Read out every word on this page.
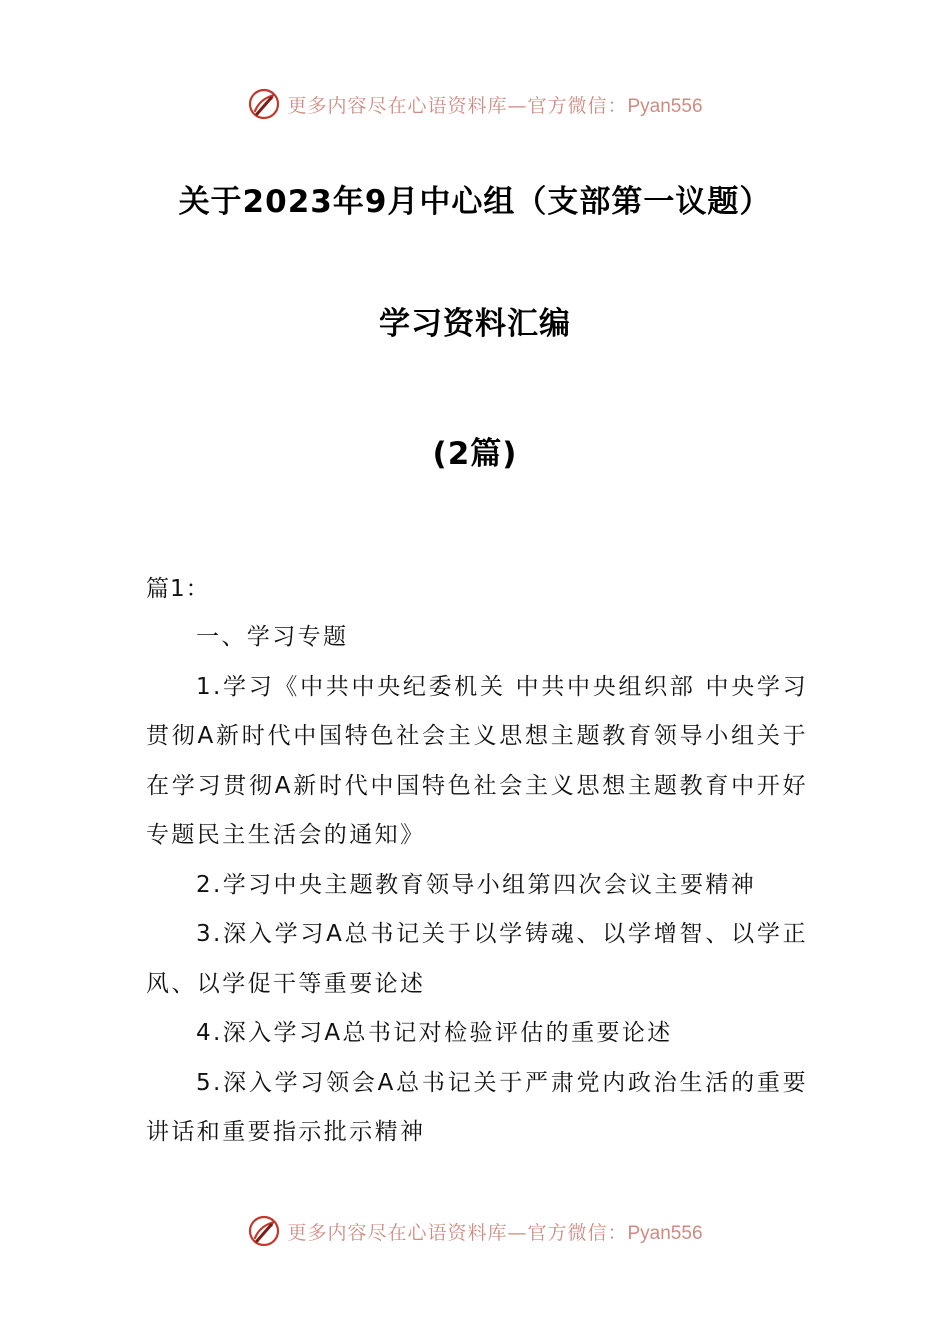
更多内容尽在心语资料库—官方微信：Pyan556
关于2023年9月中心组（支部第一议题）
学习资料汇编
(2篇)
篇1：

一、学习专题

1.学习《中共中央纪委机关 中共中央组织部 中央学习贯彻A新时代中国特色社会主义思想主题教育领导小组关于在学习贯彻A新时代中国特色社会主义思想主题教育中开好专题民主生活会的通知》

2.学习中央主题教育领导小组第四次会议主要精神

3.深入学习A总书记关于以学铸魂、以学增智、以学正风、以学促干等重要论述

4.深入学习A总书记对检验评估的重要论述

5.深入学习领会A总书记关于严肃党内政治生活的重要讲话和重要指示批示精神

更多内容尽在心语资料库—官方微信：Pyan556
